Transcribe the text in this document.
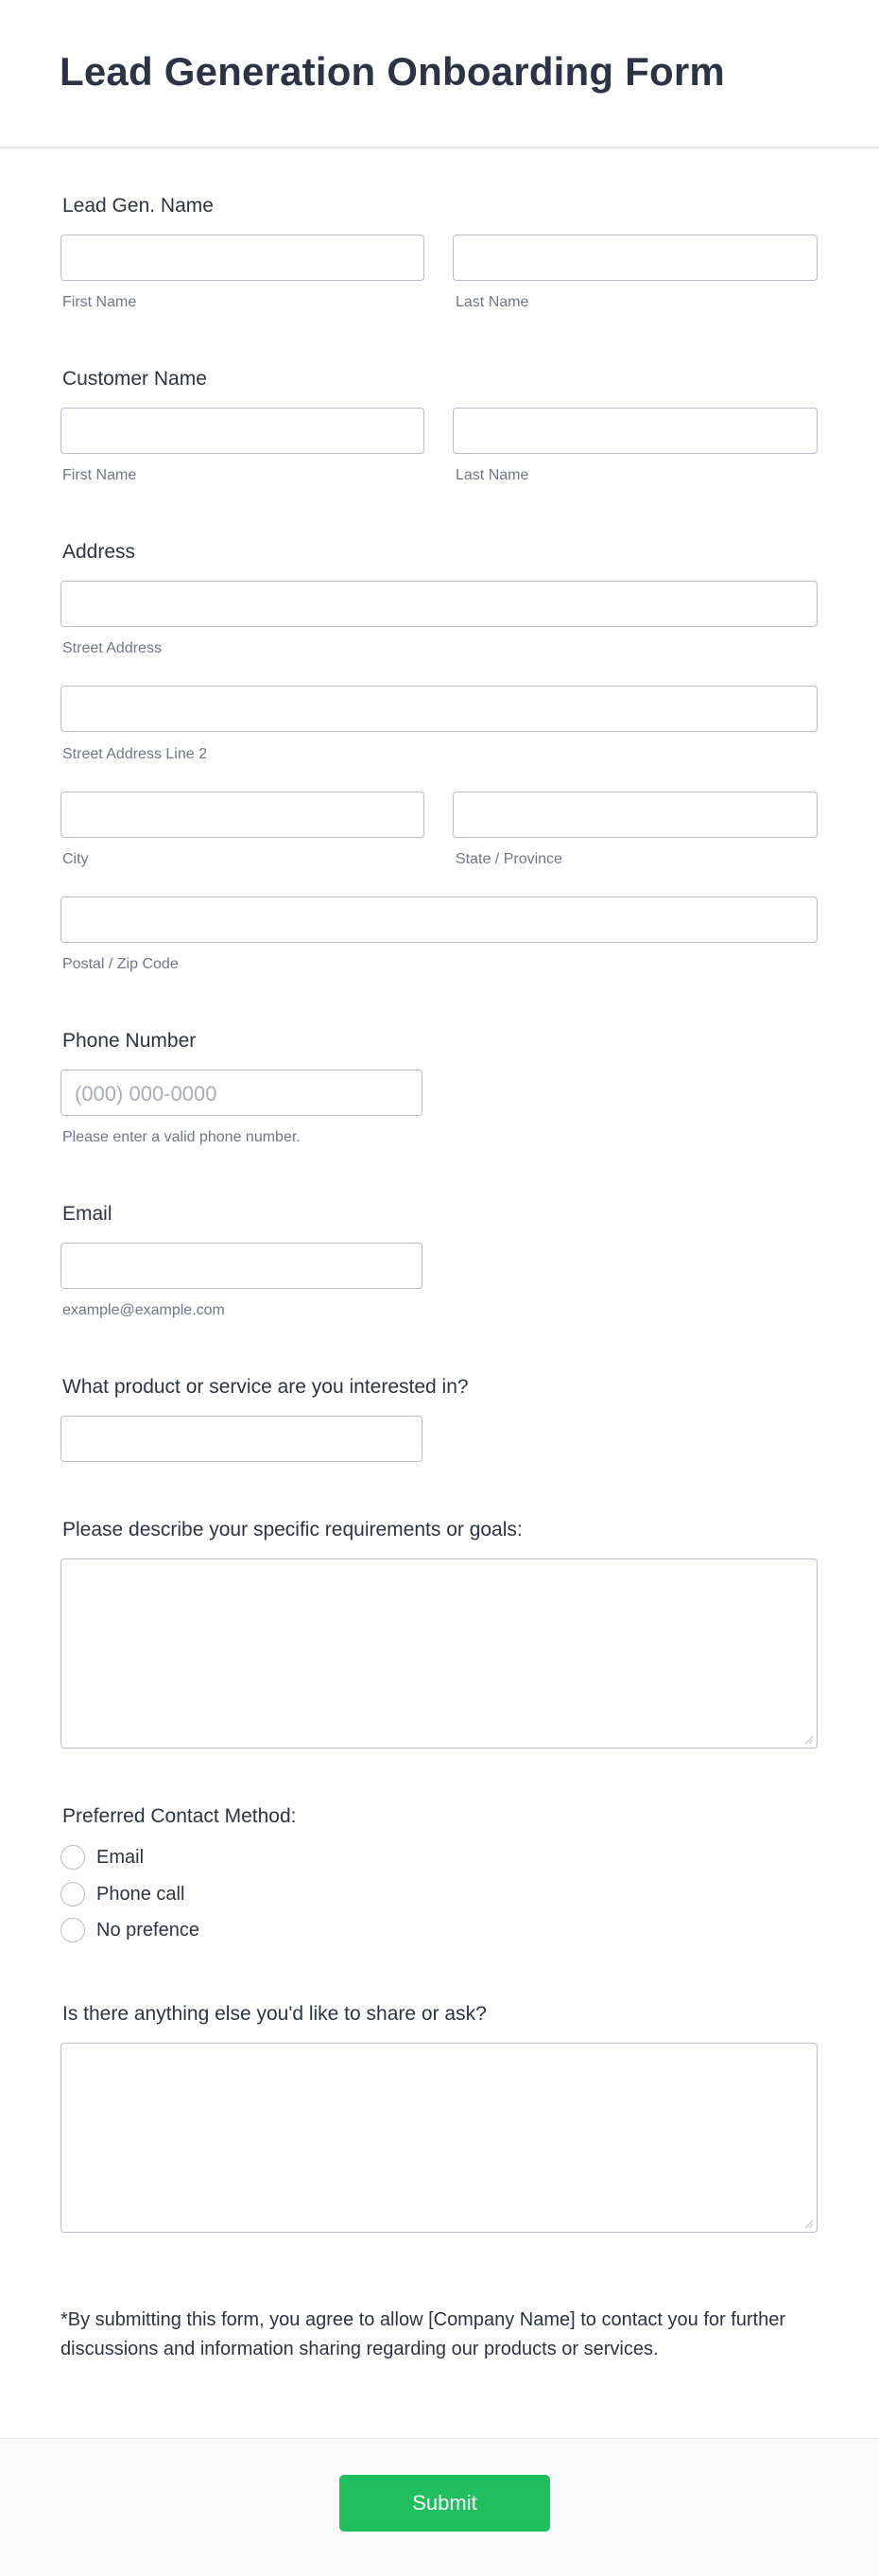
Lead Generation Onboarding Form
Lead Gen. Name
First Name	Last Name
Customer Name
First Name	Last Name
Address
Street Address
Street Address Line 2
City	State / Province
Postal / Zip Code
Phone Number
(000) 000-0000
Please enter a valid phone number.
Email
example@example.com
What product or service are you interested in?
Please describe your specific requirements or goals:
Preferred Contact Method:
Email
Phone call
No prefence
Is there anything else you'd like to share or ask?

*By submitting this form, you agree to allow [Company Name] to contact you for further discussions and information sharing regarding our products or services.

Submit
